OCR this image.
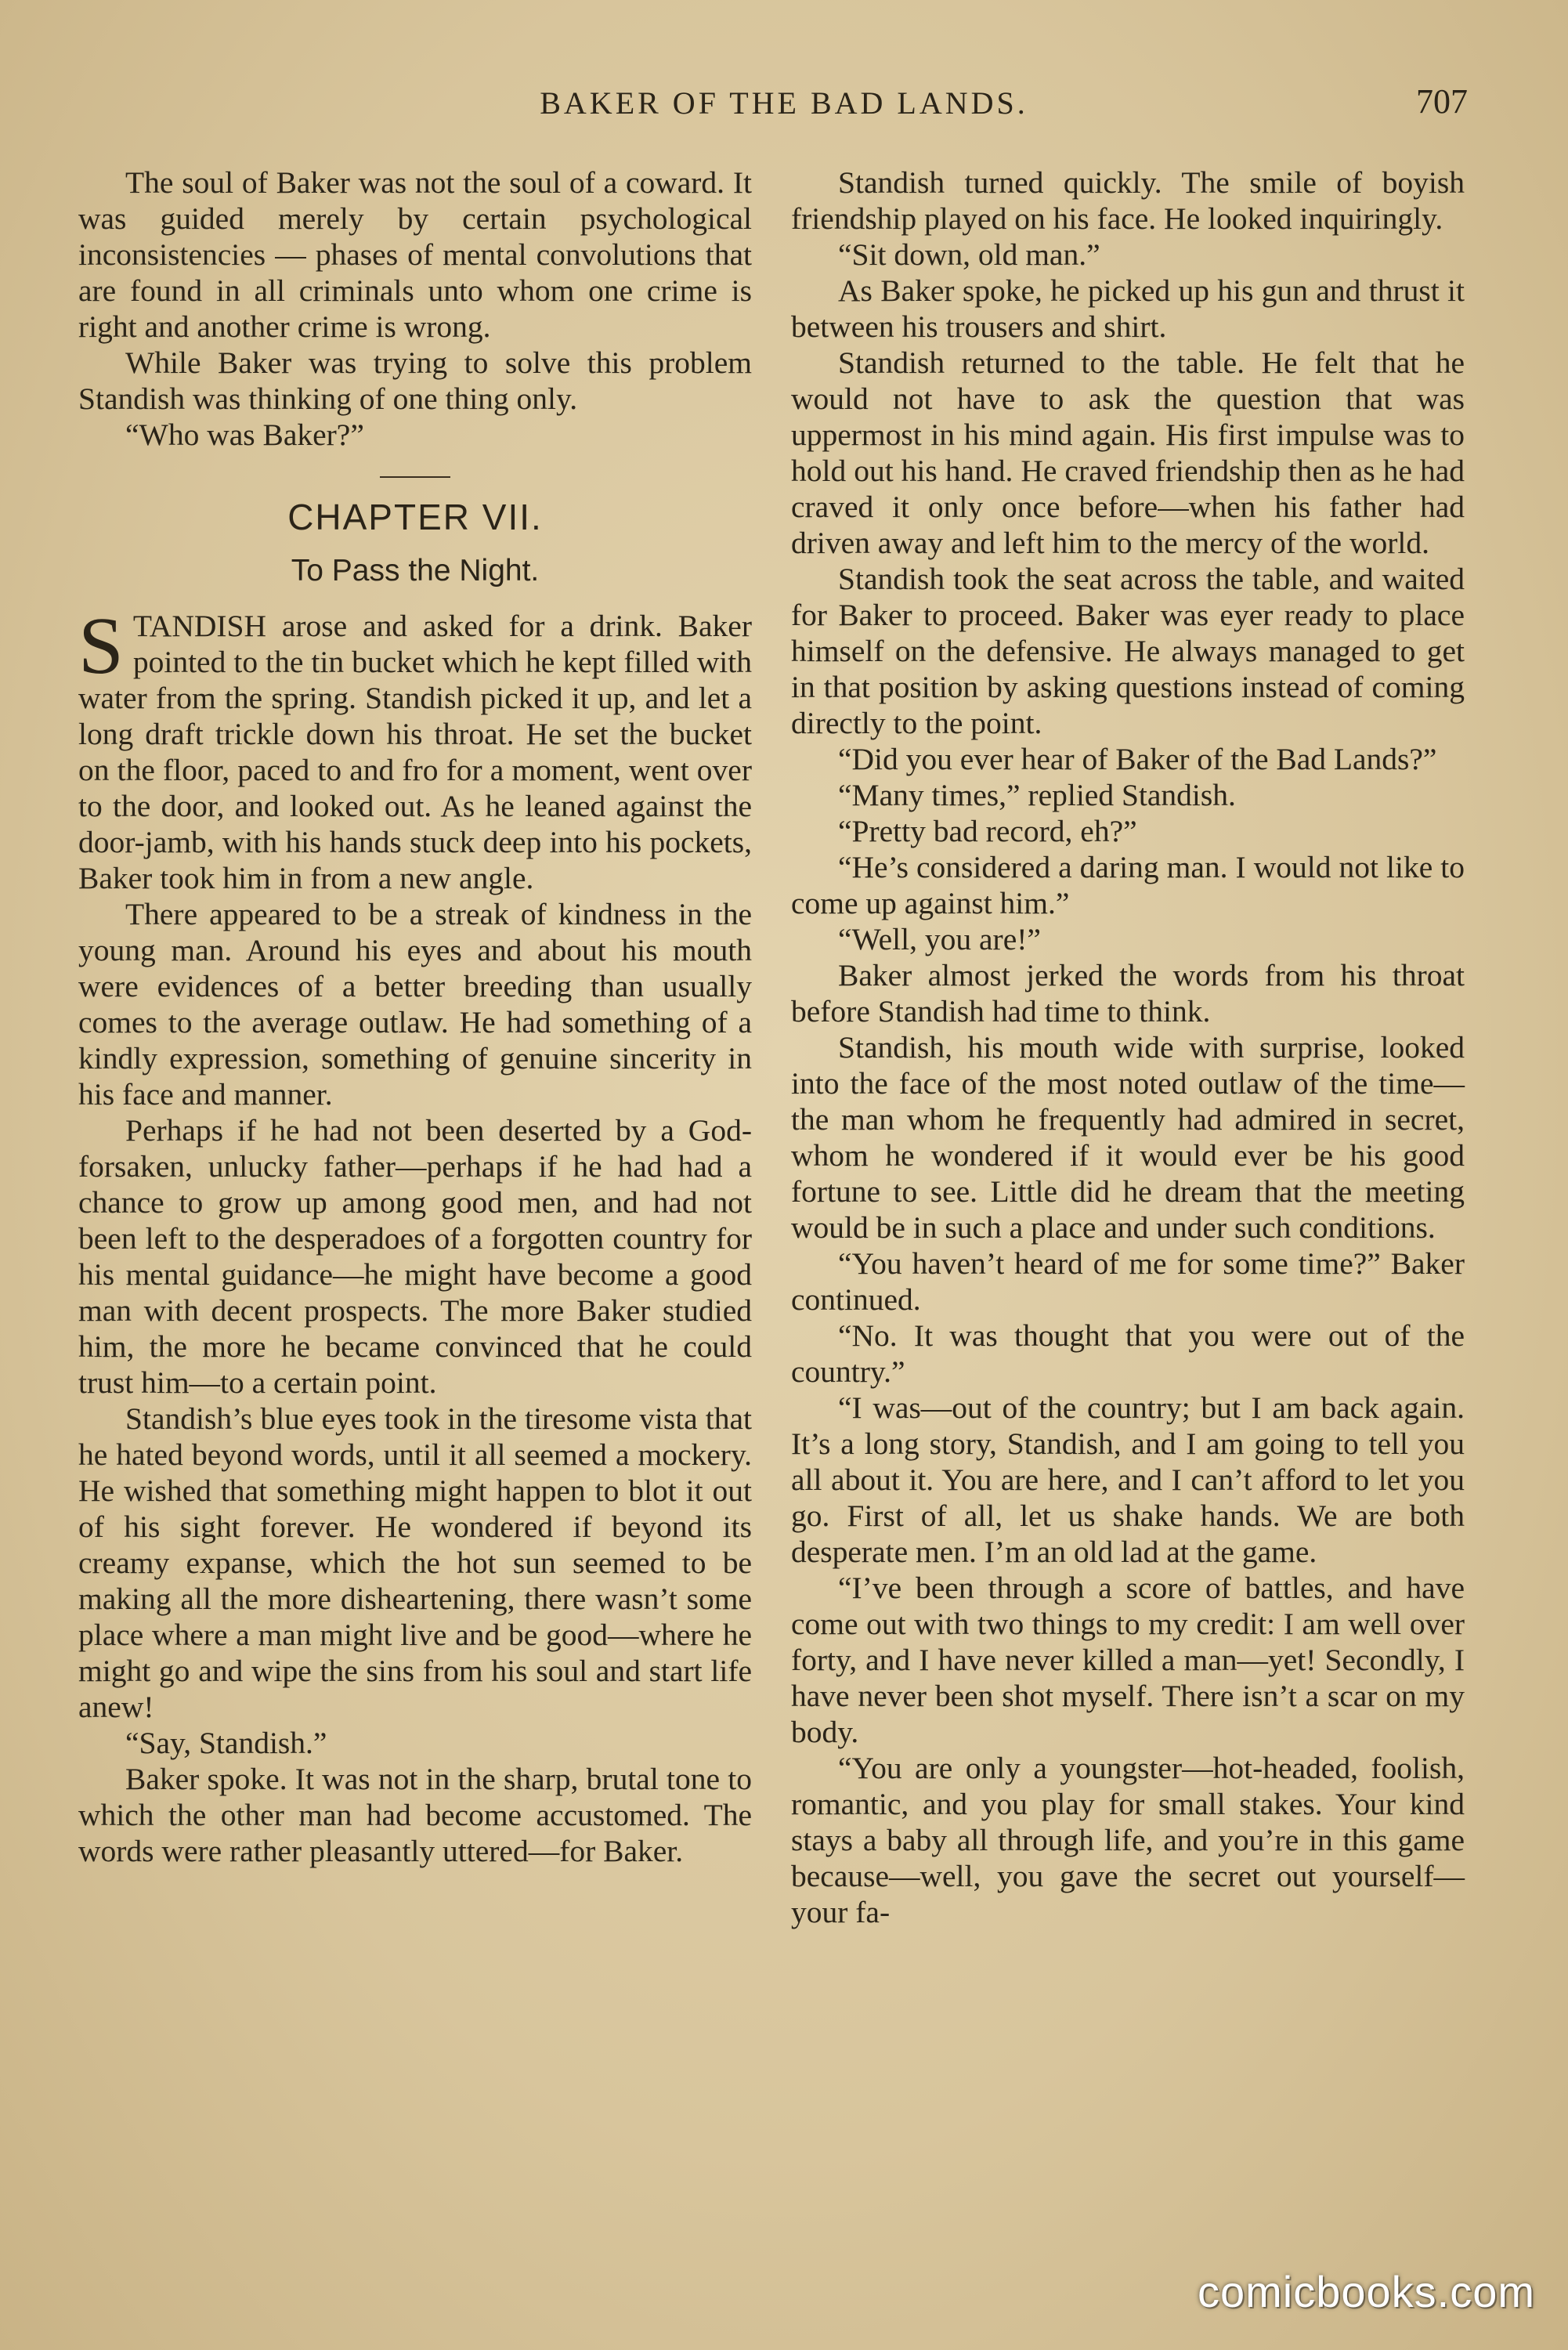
BAKER OF THE BAD LANDS.	707

The soul of Baker was not the soul of a coward. It was guided merely by certain psychological inconsistencies — phases of mental convolutions that are found in all criminals unto whom one crime is right and another crime is wrong.

While Baker was trying to solve this problem Standish was thinking of one thing only.

“Who was Baker?”

CHAPTER VII.
To Pass the Night.

STANDISH arose and asked for a drink. Baker pointed to the tin bucket which he kept filled with water from the spring. Standish picked it up, and let a long draft trickle down his throat. He set the bucket on the floor, paced to and fro for a moment, went over to the door, and looked out. As he leaned against the door-jamb, with his hands stuck deep into his pockets, Baker took him in from a new angle.

There appeared to be a streak of kindness in the young man. Around his eyes and about his mouth were evidences of a better breeding than usually comes to the average outlaw. He had something of a kindly expression, something of genuine sincerity in his face and manner.

Perhaps if he had not been deserted by a God-forsaken, unlucky father—perhaps if he had had a chance to grow up among good men, and had not been left to the desperadoes of a forgotten country for his mental guidance—he might have become a good man with decent prospects. The more Baker studied him, the more he became convinced that he could trust him—to a certain point.

Standish’s blue eyes took in the tiresome vista that he hated beyond words, until it all seemed a mockery. He wished that something might happen to blot it out of his sight forever. He wondered if beyond its creamy expanse, which the hot sun seemed to be making all the more disheartening, there wasn’t some place where a man might live and be good—where he might go and wipe the sins from his soul and start life anew!

“Say, Standish.”

Baker spoke. It was not in the sharp, brutal tone to which the other man had become accustomed. The words were rather pleasantly uttered—for Baker.

Standish turned quickly. The smile of boyish friendship played on his face. He looked inquiringly.

“Sit down, old man.”

As Baker spoke, he picked up his gun and thrust it between his trousers and shirt.

Standish returned to the table. He felt that he would not have to ask the question that was uppermost in his mind again. His first impulse was to hold out his hand. He craved friendship then as he had craved it only once before—when his father had driven away and left him to the mercy of the world.

Standish took the seat across the table, and waited for Baker to proceed. Baker was eyer ready to place himself on the defensive. He always managed to get in that position by asking questions instead of coming directly to the point.

“Did you ever hear of Baker of the Bad Lands?”

“Many times,” replied Standish.

“Pretty bad record, eh?”

“He’s considered a daring man. I would not like to come up against him.”

“Well, you are!”

Baker almost jerked the words from his throat before Standish had time to think.

Standish, his mouth wide with surprise, looked into the face of the most noted outlaw of the time—the man whom he frequently had admired in secret, whom he wondered if it would ever be his good fortune to see. Little did he dream that the meeting would be in such a place and under such conditions.

“You haven’t heard of me for some time?” Baker continued.

“No. It was thought that you were out of the country.”

“I was—out of the country; but I am back again. It’s a long story, Standish, and I am going to tell you all about it. You are here, and I can’t afford to let you go. First of all, let us shake hands. We are both desperate men. I’m an old lad at the game.

“I’ve been through a score of battles, and have come out with two things to my credit: I am well over forty, and I have never killed a man—yet! Secondly, I have never been shot myself. There isn’t a scar on my body.

“You are only a youngster—hot-headed, foolish, romantic, and you play for small stakes. Your kind stays a baby all through life, and you’re in this game because—well, you gave the secret out yourself—your fa-

comicbooks.com
